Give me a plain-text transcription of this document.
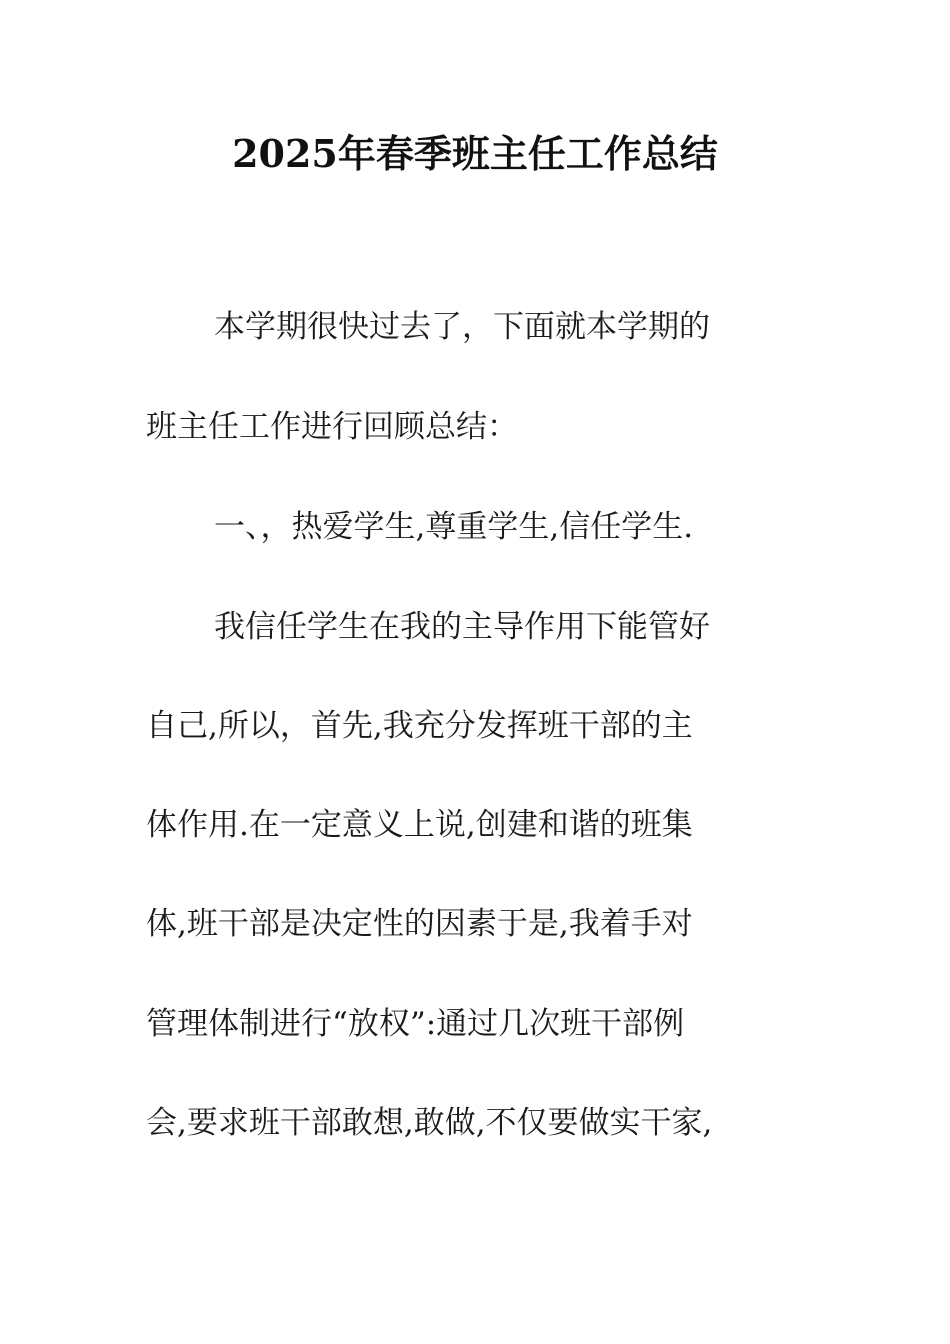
2025年春季班主任工作总结

本学期很快过去了，下面就本学期的

班主任工作进行回顾总结：

一、，热爱学生,尊重学生,信任学生.

我信任学生在我的主导作用下能管好

自己,所以，首先,我充分发挥班干部的主

体作用.在一定意义上说,创建和谐的班集

体,班干部是决定性的因素于是,我着手对

管理体制进行“放权”:通过几次班干部例

会,要求班干部敢想,敢做,不仅要做实干家,
